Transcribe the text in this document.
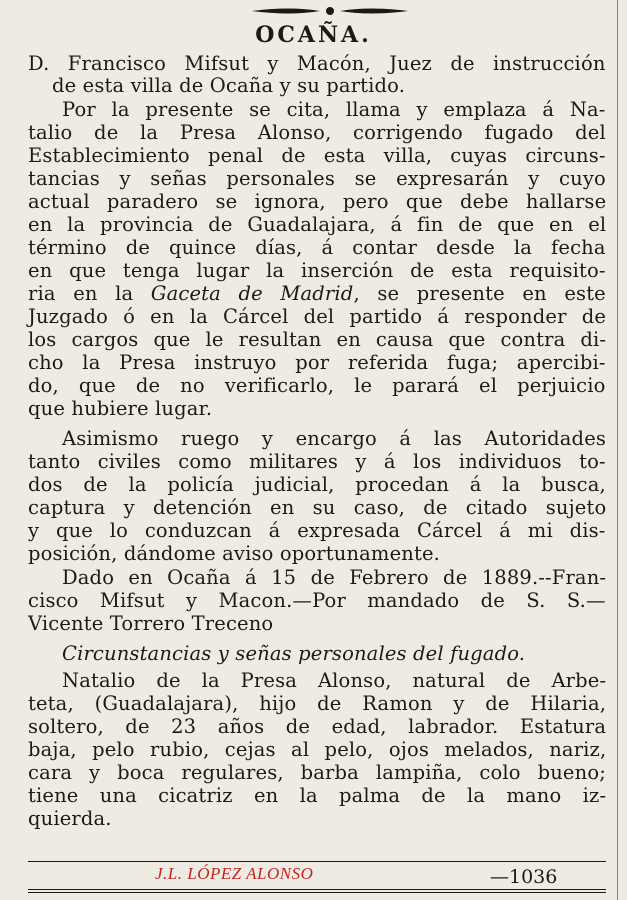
OCAÑA.
D. Francisco Mifsut y Macón, Juez de instrucción
de esta villa de Ocaña y su partido.
Por la presente se cita, llama y emplaza á Na-
talio de la Presa Alonso, corrigendo fugado del
Establecimiento penal de esta villa, cuyas circuns-
tancias y señas personales se expresarán y cuyo
actual paradero se ignora, pero que debe hallarse
en la provincia de Guadalajara, á fin de que en el
término de quince días, á contar desde la fecha
en que tenga lugar la inserción de esta requisito-
ria en la Gaceta de Madrid, se presente en este
Juzgado ó en la Cárcel del partido á responder de
los cargos que le resultan en causa que contra di-
cho la Presa instruyo por referida fuga; apercibi-
do, que de no verificarlo, le parará el perjuicio
que hubiere lugar.
Asimismo ruego y encargo á las Autoridades
tanto civiles como militares y á los individuos to-
dos de la policía judicial, procedan á la busca,
captura y detención en su caso, de citado sujeto
y que lo conduzcan á expresada Cárcel á mi dis-
posición, dándome aviso oportunamente.
Dado en Ocaña á 15 de Febrero de 1889.--Fran-
cisco Mifsut y Macon.—Por mandado de S. S.—
Vicente Torrero Treceno
Circunstancias y señas personales del fugado.
Natalio de la Presa Alonso, natural de Arbe-
teta, (Guadalajara), hijo de Ramon y de Hilaria,
soltero, de 23 años de edad, labrador. Estatura
baja, pelo rubio, cejas al pelo, ojos melados, nariz,
cara y boca regulares, barba lampiña, colo bueno;
tiene una cicatriz en la palma de la mano iz-
quierda.
J.L. LÓPEZ ALONSO	—1036
